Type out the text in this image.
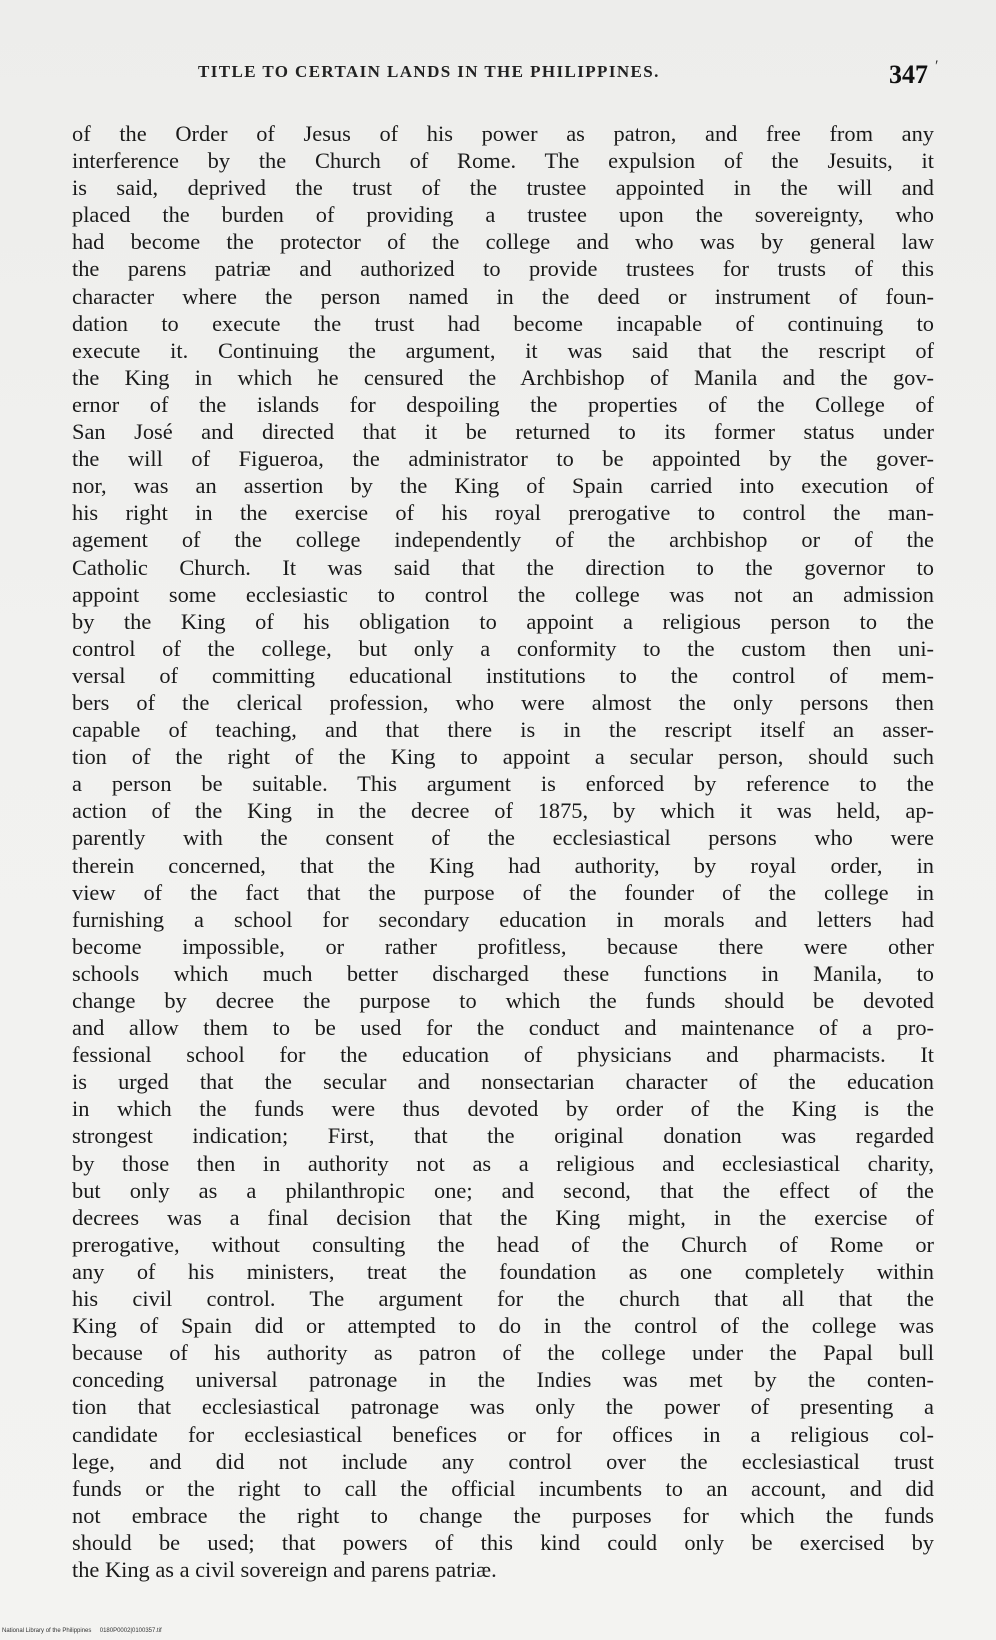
TITLE TO CERTAIN LANDS IN THE PHILIPPINES.	347 ′
of the Order of Jesus of his power as patron, and free from any
interference by the Church of Rome. The expulsion of the Jesuits, it
is said, deprived the trust of the trustee appointed in the will and
placed the burden of providing a trustee upon the sovereignty, who
had become the protector of the college and who was by general law
the parens patriæ and authorized to provide trustees for trusts of this
character where the person named in the deed or instrument of foun-
dation to execute the trust had become incapable of continuing to
execute it. Continuing the argument, it was said that the rescript of
the King in which he censured the Archbishop of Manila and the gov-
ernor of the islands for despoiling the properties of the College of
San José and directed that it be returned to its former status under
the will of Figueroa, the administrator to be appointed by the gover-
nor, was an assertion by the King of Spain carried into execution of
his right in the exercise of his royal prerogative to control the man-
agement of the college independently of the archbishop or of the
Catholic Church. It was said that the direction to the governor to
appoint some ecclesiastic to control the college was not an admission
by the King of his obligation to appoint a religious person to the
control of the college, but only a conformity to the custom then uni-
versal of committing educational institutions to the control of mem-
bers of the clerical profession, who were almost the only persons then
capable of teaching, and that there is in the rescript itself an asser-
tion of the right of the King to appoint a secular person, should such
a person be suitable. This argument is enforced by reference to the
action of the King in the decree of 1875, by which it was held, ap-
parently with the consent of the ecclesiastical persons who were
therein concerned, that the King had authority, by royal order, in
view of the fact that the purpose of the founder of the college in
furnishing a school for secondary education in morals and letters had
become impossible, or rather profitless, because there were other
schools which much better discharged these functions in Manila, to
change by decree the purpose to which the funds should be devoted
and allow them to be used for the conduct and maintenance of a pro-
fessional school for the education of physicians and pharmacists. It
is urged that the secular and nonsectarian character of the education
in which the funds were thus devoted by order of the King is the
strongest indication; First, that the original donation was regarded
by those then in authority not as a religious and ecclesiastical charity,
but only as a philanthropic one; and second, that the effect of the
decrees was a final decision that the King might, in the exercise of
prerogative, without consulting the head of the Church of Rome or
any of his ministers, treat the foundation as one completely within
his civil control. The argument for the church that all that the
King of Spain did or attempted to do in the control of the college was
because of his authority as patron of the college under the Papal bull
conceding universal patronage in the Indies was met by the conten-
tion that ecclesiastical patronage was only the power of presenting a
candidate for ecclesiastical benefices or for offices in a religious col-
lege, and did not include any control over the ecclesiastical trust
funds or the right to call the official incumbents to an account, and did
not embrace the right to change the purposes for which the funds
should be used; that powers of this kind could only be exercised by
the King as a civil sovereign and parens patriæ.
National Library of the Philippines 0180P0002|0100357.tif
